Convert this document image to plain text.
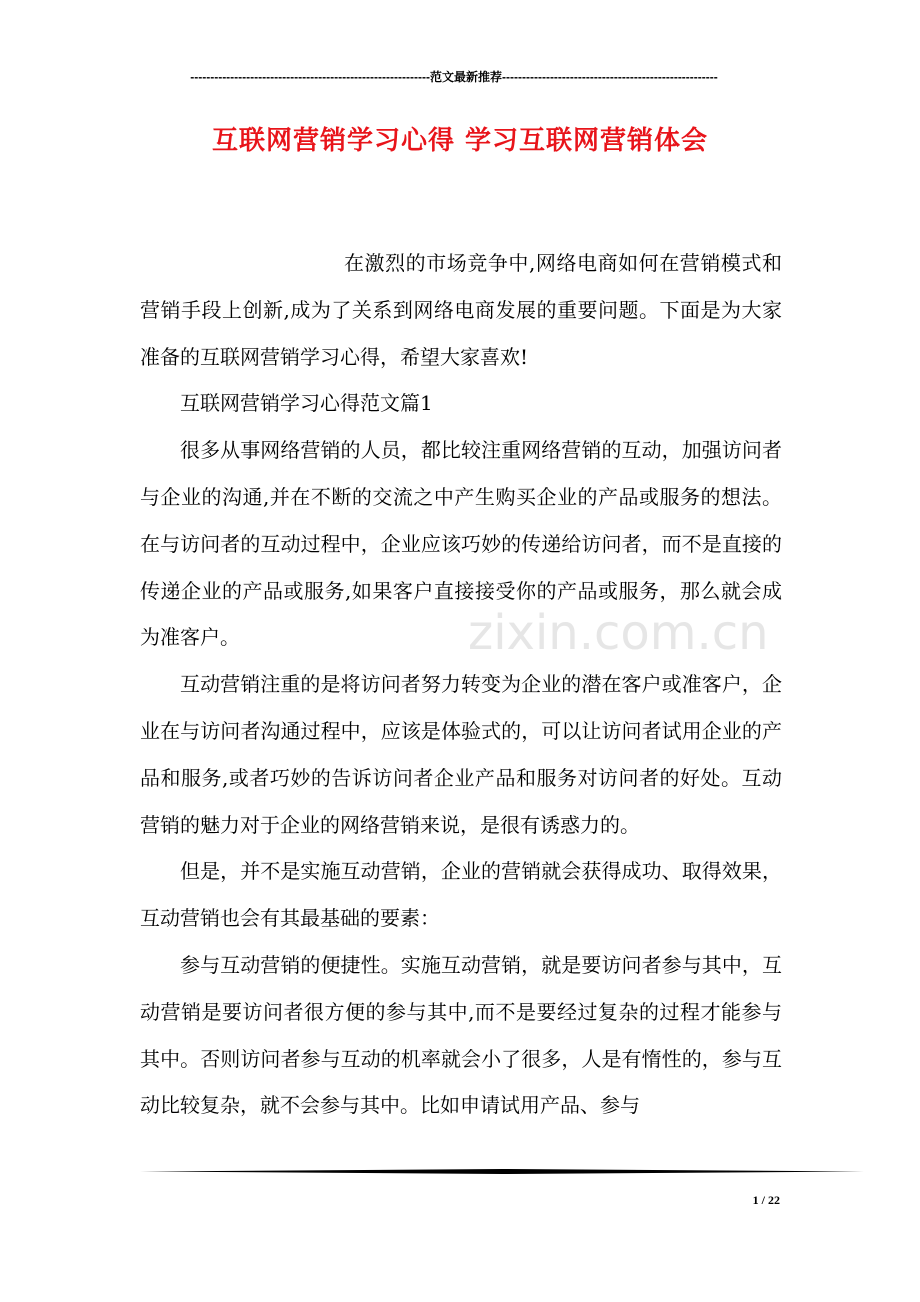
------------------------------------------------------------范文最新推荐------------------------------------------------------
互联网营销学习心得 学习互联网营销体会
zixin.com.cn

在激烈的市场竞争中,网络电商如何在营销模式和营销手段上创新,成为了关系到网络电商发展的重要问题。下面是为大家准备的互联网营销学习心得，希望大家喜欢!

互联网营销学习心得范文篇1

很多从事网络营销的人员，都比较注重网络营销的互动，加强访问者与企业的沟通,并在不断的交流之中产生购买企业的产品或服务的想法。在与访问者的互动过程中，企业应该巧妙的传递给访问者，而不是直接的传递企业的产品或服务,如果客户直接接受你的产品或服务，那么就会成为准客户。

互动营销注重的是将访问者努力转变为企业的潜在客户或准客户，企业在与访问者沟通过程中，应该是体验式的，可以让访问者试用企业的产品和服务,或者巧妙的告诉访问者企业产品和服务对访问者的好处。互动营销的魅力对于企业的网络营销来说，是很有诱惑力的。

但是，并不是实施互动营销，企业的营销就会获得成功、取得效果，互动营销也会有其最基础的要素：

参与互动营销的便捷性。实施互动营销，就是要访问者参与其中，互动营销是要访问者很方便的参与其中,而不是要经过复杂的过程才能参与其中。否则访问者参与互动的机率就会小了很多，人是有惰性的，参与互动比较复杂，就不会参与其中。比如申请试用产品、参与

1 / 22
